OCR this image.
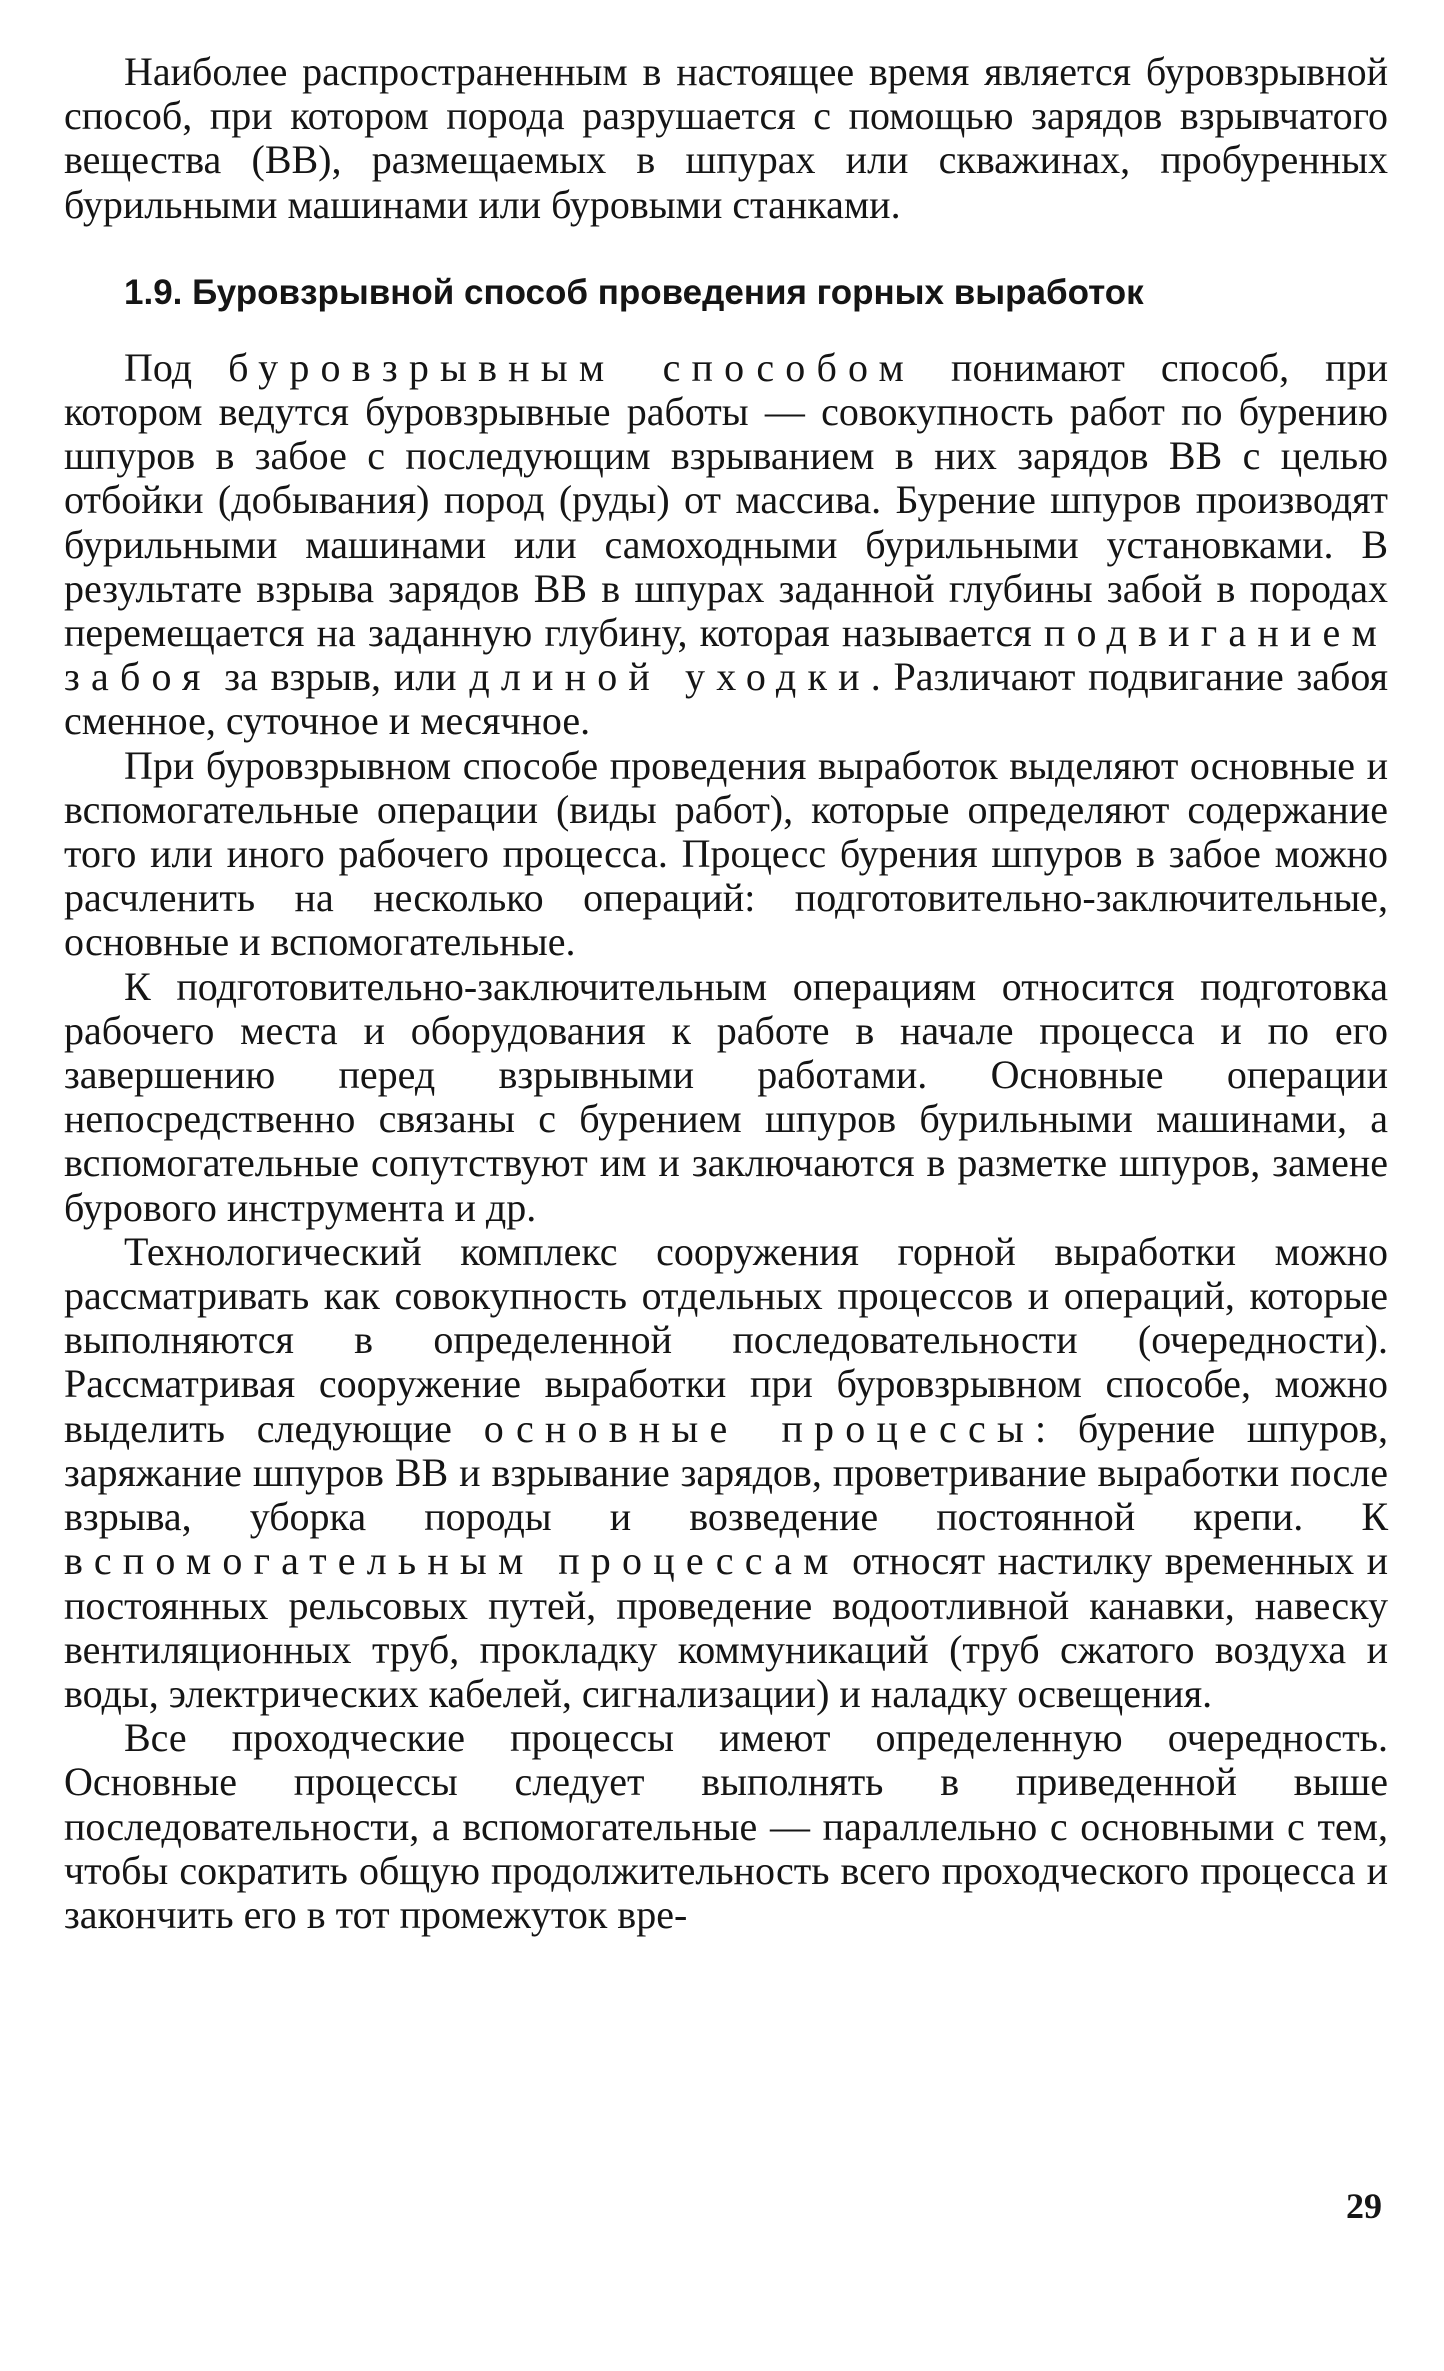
Наиболее распространенным в настоящее время является буровзрывной способ, при котором порода разрушается с помощью зарядов взрывчатого вещества (ВВ), размещаемых в шпурах или скважинах, пробуренных бурильными машинами или буровыми станками.

1.9. Буровзрывной способ проведения горных выработок

Под буровзрывным способом понимают способ, при котором ведутся буровзрывные работы — совокупность работ по бурению шпуров в забое с последующим взрыванием в них зарядов ВВ с целью отбойки (добывания) пород (руды) от массива. Бурение шпуров производят бурильными машинами или самоходными бурильными установками. В результате взрыва зарядов ВВ в шпурах заданной глубины забой в породах перемещается на заданную глубину, которая называется подвиганием забоя за взрыв, или длиной уходки. Различают подвигание забоя сменное, суточное и месячное.

При буровзрывном способе проведения выработок выделяют основные и вспомогательные операции (виды работ), которые определяют содержание того или иного рабочего процесса. Процесс бурения шпуров в забое можно расчленить на несколько операций: подготовительно-заключительные, основные и вспомогательные.

К подготовительно-заключительным операциям относится подготовка рабочего места и оборудования к работе в начале процесса и по его завершению перед взрывными работами. Основные операции непосредственно связаны с бурением шпуров бурильными машинами, а вспомогательные сопутствуют им и заключаются в разметке шпуров, замене бурового инструмента и др.

Технологический комплекс сооружения горной выработки можно рассматривать как совокупность отдельных процессов и операций, которые выполняются в определенной последовательности (очередности). Рассматривая сооружение выработки при буровзрывном способе, можно выделить следующие основные процессы: бурение шпуров, заряжание шпуров ВВ и взрывание зарядов, проветривание выработки после взрыва, уборка породы и возведение постоянной крепи. К вспомогательным процессам относят настилку временных и постоянных рельсовых путей, проведение водоотливной канавки, навеску вентиляционных труб, прокладку коммуникаций (труб сжатого воздуха и воды, электрических кабелей, сигнализации) и наладку освещения.

Все проходческие процессы имеют определенную очередность. Основные процессы следует выполнять в приведенной выше последовательности, а вспомогательные — параллельно с основными с тем, чтобы сократить общую продолжительность всего проходческого процесса и закончить его в тот промежуток вре-

29
